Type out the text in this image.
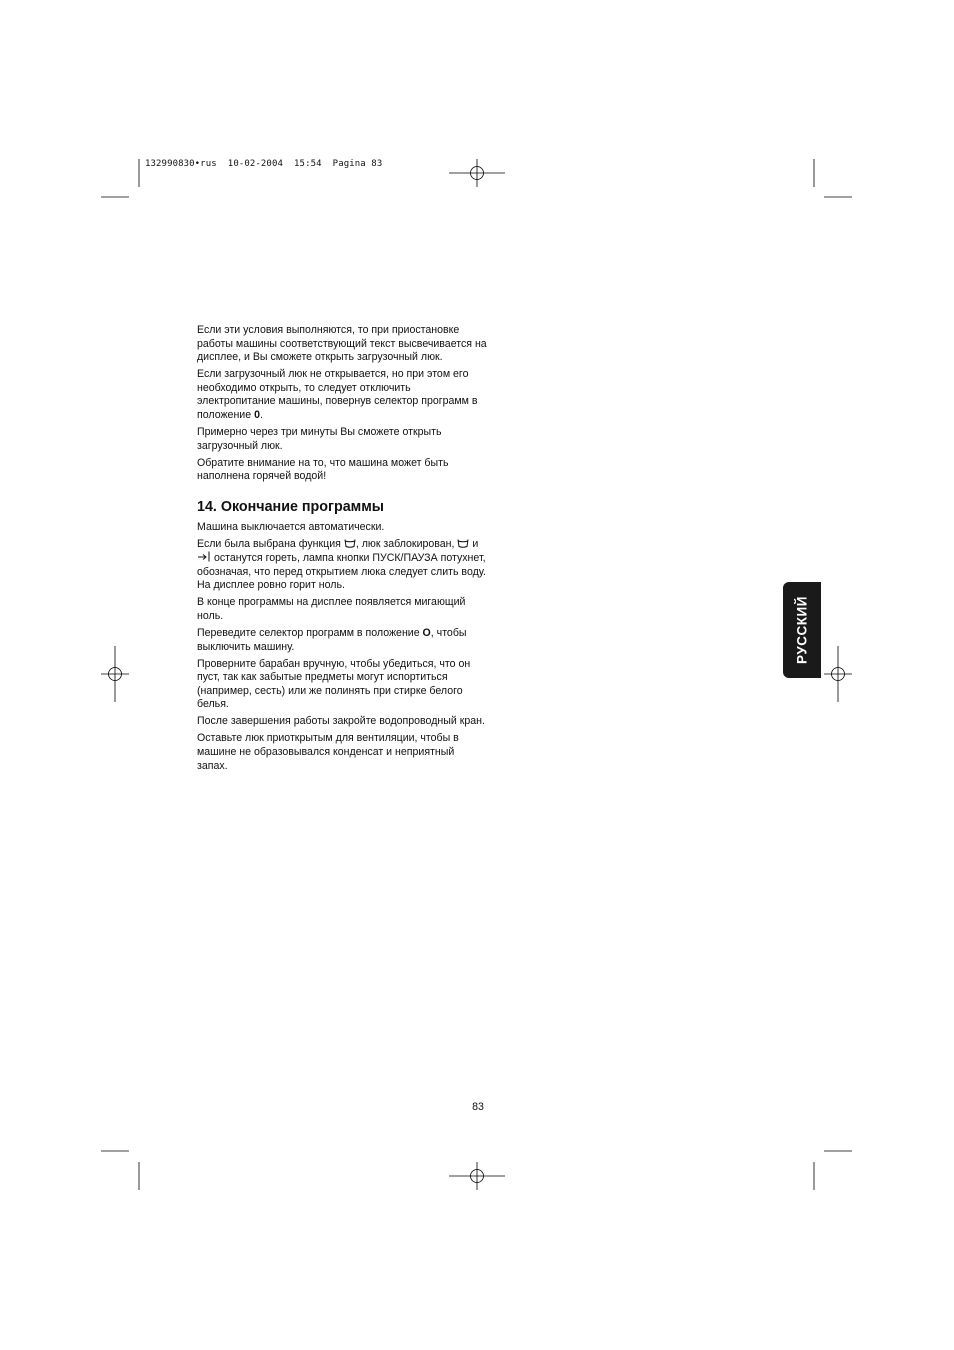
132990830•rus 10-02-2004 15:54 Pagina 83

Если эти условия выполняются, то при приостановке работы машины соответствующий текст высвечивается на дисплее, и Вы сможете открыть загрузочный люк.

Если загрузочный люк не открывается, но при этом его необходимо открыть, то следует отключить электропитание машины, повернув селектор программ в положение 0.

Примерно через три минуты Вы сможете открыть загрузочный люк.

Обратите внимание на то, что машина может быть наполнена горячей водой!

14. Окончание программы

Машина выключается автоматически.

Если была выбрана функция , люк заблокирован,  и  останутся гореть, лампа кнопки ПУСК/ПАУЗА потухнет, обозначая, что перед открытием люка следует слить воду. На дисплее ровно горит ноль.

В конце программы на дисплее появляется мигающий ноль.

Переведите селектор программ в положение O, чтобы выключить машину.

Проверните барабан вручную, чтобы убедиться, что он пуст, так как забытые предметы могут испортиться (например, сесть) или же полинять при стирке белого белья.

После завершения работы закройте водопроводный кран.

Оставьте люк приоткрытым для вентиляции, чтобы в машине не образовывался конденсат и неприятный запах.

РУССКИЙ
83
